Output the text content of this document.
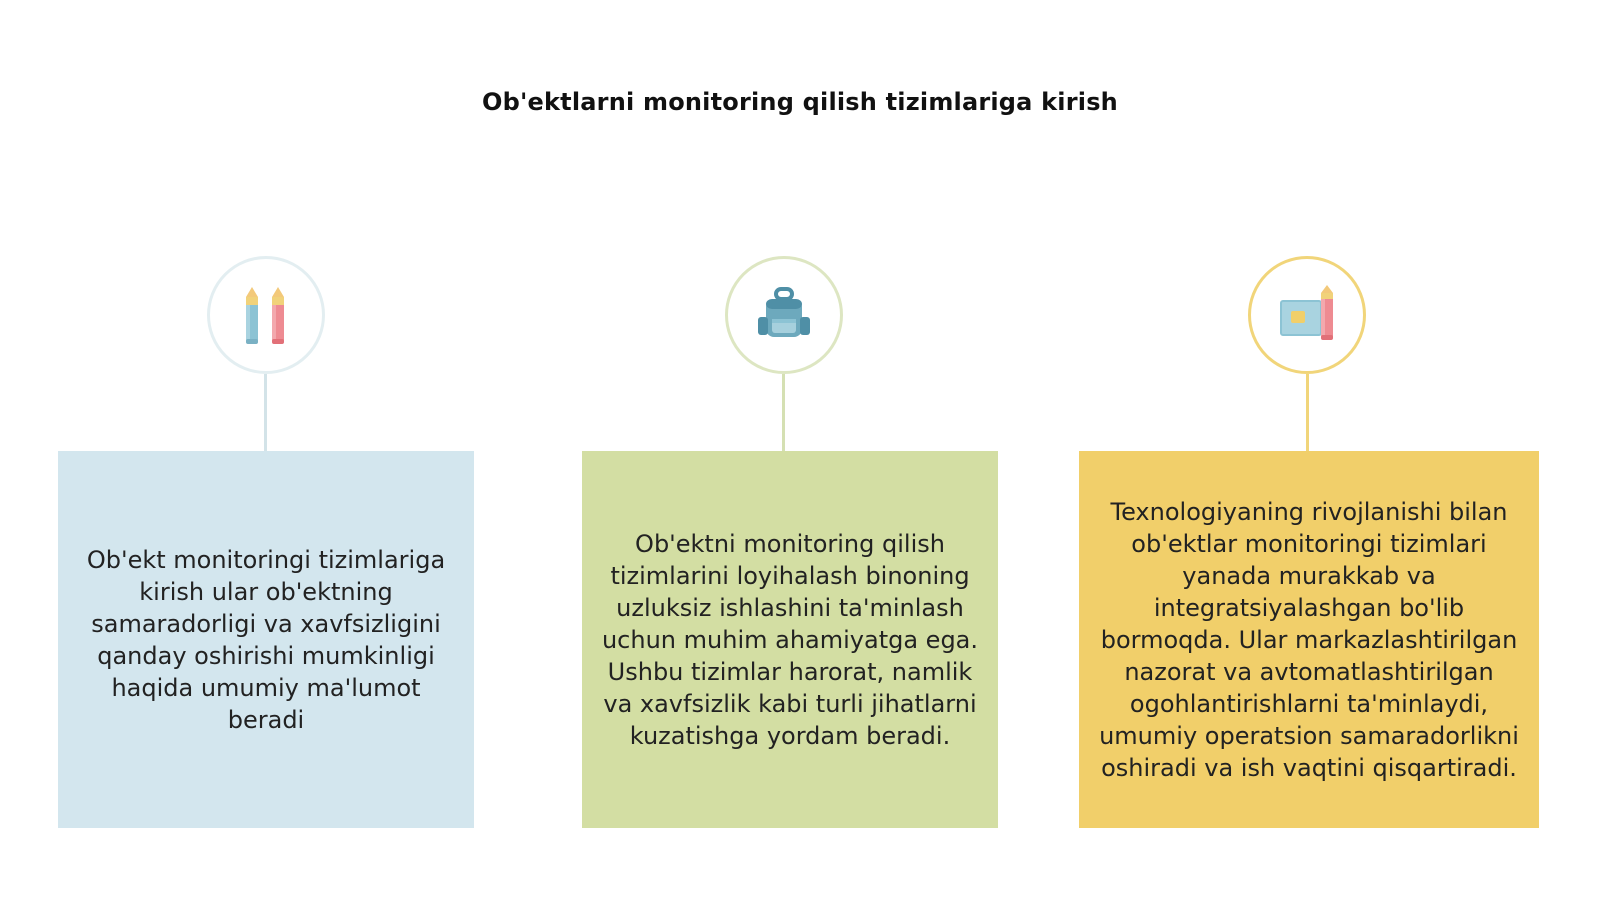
Ob'ektlarni monitoring qilish tizimlariga kirish
Ob'ekt monitoringi tizimlariga kirish ular ob'ektning samaradorligi va xavfsizligini qanday oshirishi mumkinligi haqida umumiy ma'lumot beradi
Ob'ektni monitoring qilish tizimlarini loyihalash binoning uzluksiz ishlashini ta'minlash uchun muhim ahamiyatga ega. Ushbu tizimlar harorat, namlik va xavfsizlik kabi turli jihatlarni kuzatishga yordam beradi.
Texnologiyaning rivojlanishi bilan ob'ektlar monitoringi tizimlari yanada murakkab va integratsiyalashgan bo'lib bormoqda. Ular markazlashtirilgan nazorat va avtomatlashtirilgan ogohlantirishlarni ta'minlaydi, umumiy operatsion samaradorlikni oshiradi va ish vaqtini qisqartiradi.
